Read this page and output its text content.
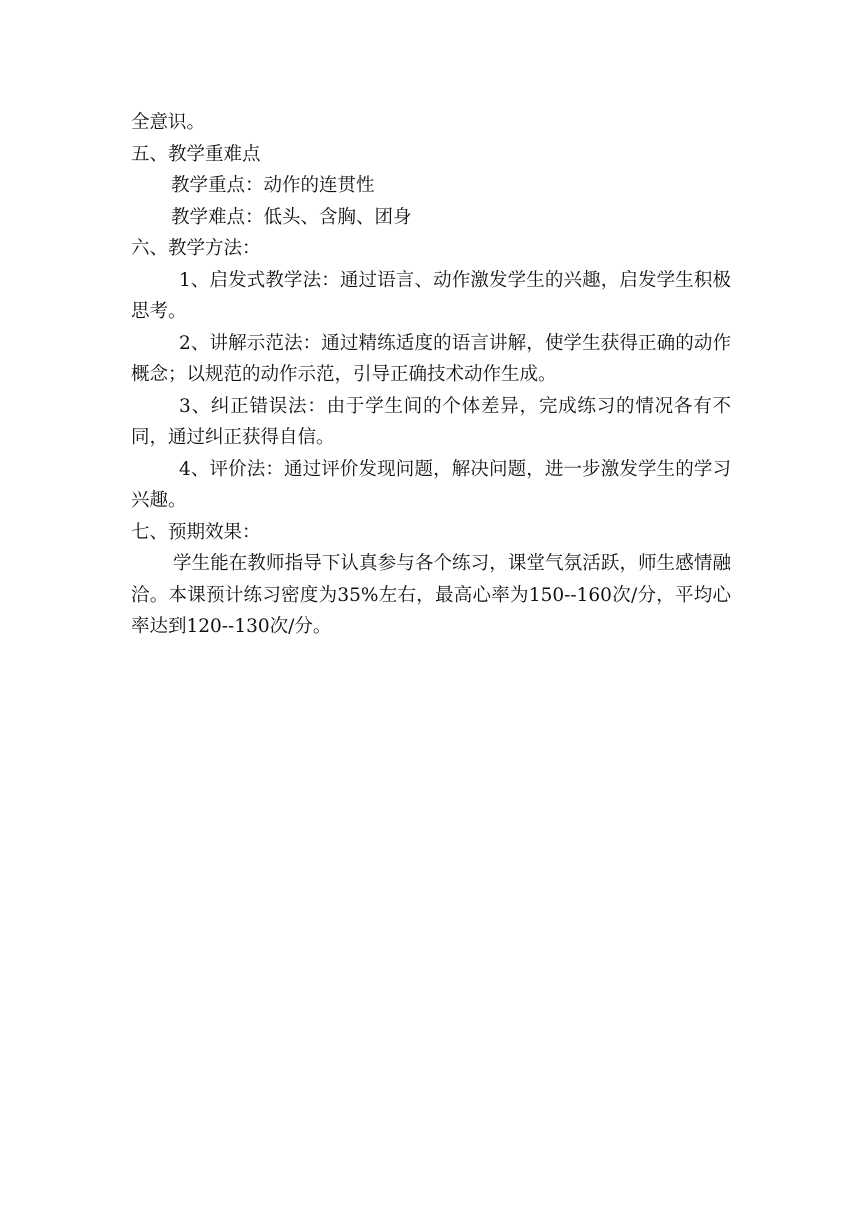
全意识。

五、教学重难点

教学重点：动作的连贯性

教学难点：低头、含胸、团身

六、教学方法：

1、启发式教学法：通过语言、动作激发学生的兴趣，启发学生积极思考。

2、讲解示范法：通过精练适度的语言讲解，使学生获得正确的动作概念；以规范的动作示范，引导正确技术动作生成。

3、纠正错误法：由于学生间的个体差异，完成练习的情况各有不同，通过纠正获得自信。

4、评价法：通过评价发现问题，解决问题，进一步激发学生的学习兴趣。

七、预期效果：

学生能在教师指导下认真参与各个练习，课堂气氛活跃，师生感情融洽。本课预计练习密度为35%左右，最高心率为150--160次/分，平均心率达到120--130次/分。
